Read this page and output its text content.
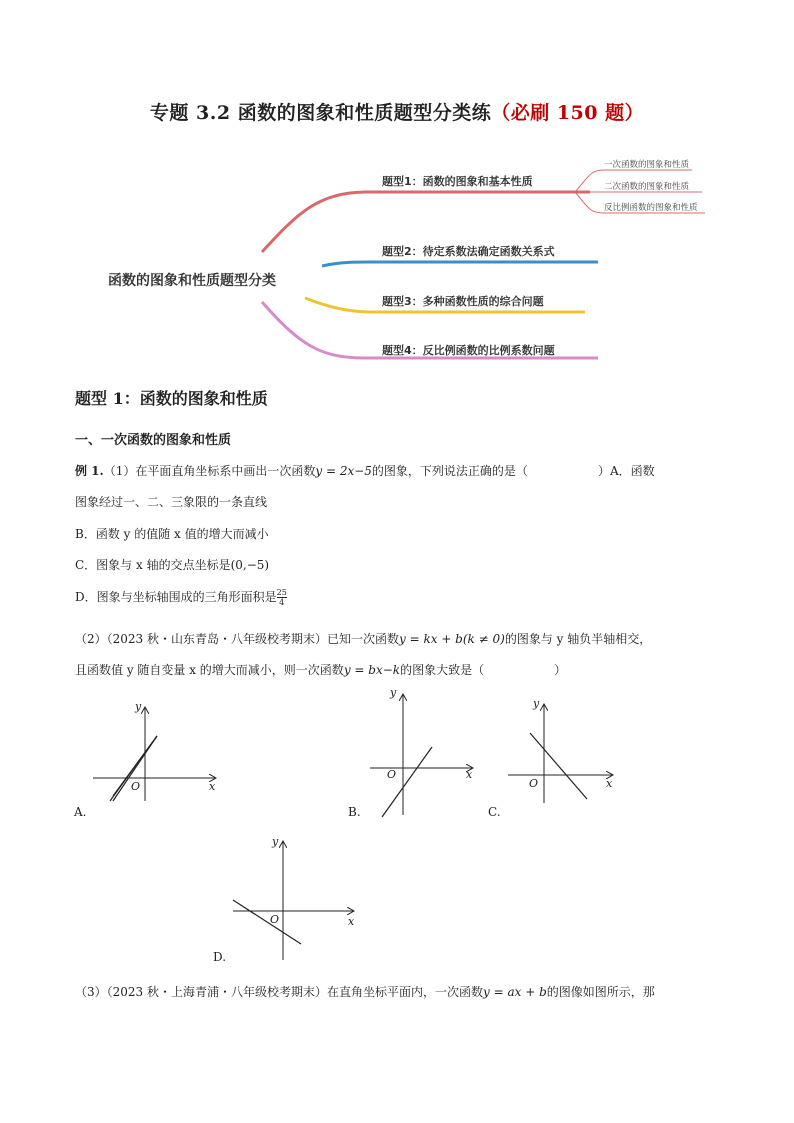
专题 3.2 函数的图象和性质题型分类练（必刷 150 题）
函数的图象和性质题型分类
题型1：函数的图象和基本性质
题型2：待定系数法确定函数关系式
题型3：多种函数性质的综合问题
题型4：反比例函数的比例系数问题
一次函数的图象和性质
二次函数的图象和性质
反比例函数的图象和性质
题型 1：函数的图象和性质
一、一次函数的图象和性质
例 1.（1）在平面直角坐标系中画出一次函数y = 2x−5的图象，下列说法正确的是（	）A．函数
图象经过一、二、三象限的一条直线
B．函数 y 的值随 x 值的增大而减小
C．图象与 x 轴的交点坐标是(0,−5)
D．图象与坐标轴围成的三角形面积是 $\frac{25}{4}$
（2）（2023 秋・山东青岛・八年级校考期末）已知一次函数y = kx + b(k ≠ 0)的图象与 y 轴负半轴相交，
且函数值 y 随自变量 x 的增大而减小，则一次函数y = bx−k的图象大致是（	）
y
x
O
A.
y
x
O
B.
y
x
O
C.
y
x
O
D.
（3）（2023 秋・上海青浦・八年级校考期末）在直角坐标平面内，一次函数y = ax + b的图像如图所示，那
